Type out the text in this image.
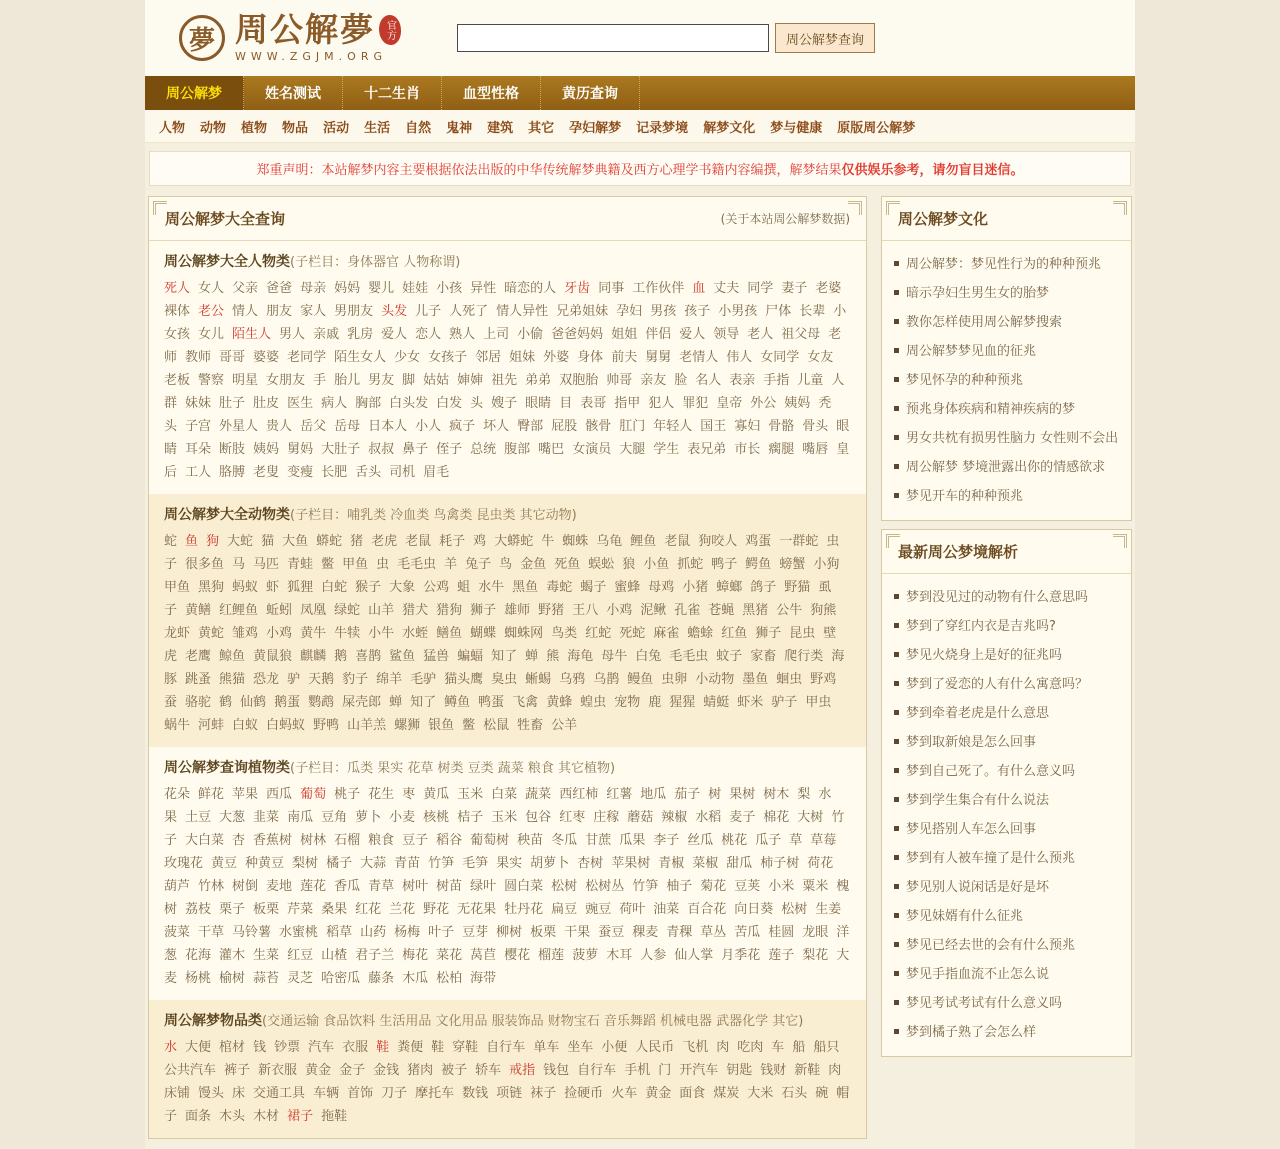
夢 周公解夢 官方
WWW.ZGJM.ORG
周公解梦查询
周公解梦	姓名测试	十二生肖	血型性格	黄历查询
人物 动物 植物 物品 活动 生活 自然 鬼神 建筑 其它 孕妇解梦 记录梦境 解梦文化 梦与健康 原版周公解梦
郑重声明：本站解梦内容主要根据依法出版的中华传统解梦典籍及西方心理学书籍内容编撰，解梦结果仅供娱乐参考，请勿盲目迷信。
周公解梦大全查询	(关于本站周公解梦数据)
周公解梦大全人物类(子栏目：身体器官 人物称谓)
死人 女人 父亲 爸爸 母亲 妈妈 婴儿 娃娃 小孩 异性 暗恋的人 牙齿 同事 工作伙伴 血 丈夫 同学 妻子 老婆裸体 老公 情人 朋友 家人 男朋友 头发 儿子 人死了 情人异性 兄弟姐妹 孕妇 男孩 孩子 小男孩 尸体 长辈 小女孩 女儿 陌生人 男人 亲戚 乳房 爱人 恋人 熟人 上司 小偷 爸爸妈妈 姐姐 伴侣 爱人 领导 老人 祖父母 老师 教师 哥哥 婆婆 老同学 陌生女人 少女 女孩子 邻居 姐妹 外婆 身体 前夫 舅舅 老情人 伟人 女同学 女友老板 警察 明星 女朋友 手 胎儿 男友 脚 姑姑 婶婶 祖先 弟弟 双胞胎 帅哥 亲友 脸 名人 表亲 手指 儿童 人群 妹妹 肚子 肚皮 医生 病人 胸部 白头发 白发 头 嫂子 眼睛 目 表哥 指甲 犯人 罪犯 皇帝 外公 姨妈 秃头 子宫 外星人 贵人 岳父 岳母 日本人 小人 疯子 坏人 臀部 屁股 骸骨 肛门 年轻人 国王 寡妇 骨骼 骨头 眼睛 耳朵 断肢 姨妈 舅妈 大肚子 叔叔 鼻子 侄子 总统 腹部 嘴巴 女演员 大腿 学生 表兄弟 市长 瘸腿 嘴唇 皇后 工人 胳膊 老叟 变瘦 长肥 舌头 司机 眉毛
周公解梦大全动物类(子栏目：哺乳类 冷血类 鸟禽类 昆虫类 其它动物)
蛇 鱼 狗 大蛇 猫 大鱼 蟒蛇 猪 老虎 老鼠 耗子 鸡 大蟒蛇 牛 蜘蛛 乌龟 鲤鱼 老鼠 狗咬人 鸡蛋 一群蛇 虫子 很多鱼 马 马匹 青蛙 鳖 甲鱼 虫 毛毛虫 羊 兔子 鸟 金鱼 死鱼 蜈蚣 狼 小鱼 抓蛇 鸭子 鳄鱼 螃蟹 小狗甲鱼 黑狗 蚂蚁 虾 狐狸 白蛇 猴子 大象 公鸡 蛆 水牛 黑鱼 毒蛇 蝎子 蜜蜂 母鸡 小猪 蟑螂 鸽子 野猫 虱子 黄鳝 红鲤鱼 蚯蚓 凤凰 绿蛇 山羊 猎犬 猎狗 狮子 雄师 野猪 王八 小鸡 泥鳅 孔雀 苍蝇 黑猪 公牛 狗熊龙虾 黄蛇 雏鸡 小鸡 黄牛 牛犊 小牛 水蛭 鳝鱼 蝴蝶 蜘蛛网 鸟类 红蛇 死蛇 麻雀 蟾蜍 红鱼 狮子 昆虫 壁虎 老鹰 鲸鱼 黄鼠狼 麒麟 鹅 喜鹊 鲨鱼 猛兽 蝙蝠 知了 蝉 熊 海龟 母牛 白兔 毛毛虫 蚊子 家畜 爬行类 海豚 跳蚤 熊猫 恐龙 驴 天鹅 豹子 绵羊 毛驴 猫头鹰 臭虫 蜥蜴 乌鸦 乌鹊 鳗鱼 虫卵 小动物 墨鱼 蛔虫 野鸡蚕 骆驼 鹤 仙鹤 鹅蛋 鹦鹉 屎壳郎 蝉 知了 鳟鱼 鸭蛋 飞禽 黄蜂 蝗虫 宠物 鹿 猩猩 蜻蜓 虾米 驴子 甲虫蜗牛 河蚌 白蚁 白蚂蚁 野鸭 山羊羔 螺狮 银鱼 鳖 松鼠 牲畜 公羊
周公解梦查询植物类(子栏目：瓜类 果实 花草 树类 豆类 蔬菜 粮食 其它植物)
花朵 鲜花 苹果 西瓜 葡萄 桃子 花生 枣 黄瓜 玉米 白菜 蔬菜 西红柿 红薯 地瓜 茄子 树 果树 树木 梨 水果 土豆 大葱 韭菜 南瓜 豆角 萝卜 小麦 核桃 桔子 玉米 包谷 红枣 庄稼 蘑菇 辣椒 水稻 麦子 棉花 大树 竹子 大白菜 杏 香蕉树 树林 石榴 粮食 豆子 稻谷 葡萄树 秧苗 冬瓜 甘蔗 瓜果 李子 丝瓜 桃花 瓜子 草 草莓玫瑰花 黄豆 种黄豆 梨树 橘子 大蒜 青苗 竹笋 毛笋 果实 胡萝卜 杏树 苹果树 青椒 菜椒 甜瓜 柿子树 荷花葫芦 竹林 树倒 麦地 莲花 香瓜 青草 树叶 树苗 绿叶 圆白菜 松树 松树丛 竹笋 柚子 菊花 豆荚 小米 粟米 槐树 荔枝 栗子 板栗 芹菜 桑果 红花 兰花 野花 无花果 牡丹花 扁豆 豌豆 荷叶 油菜 百合花 向日葵 松树 生姜菠菜 干草 马铃薯 水蜜桃 稻草 山药 杨梅 叶子 豆芽 柳树 板栗 干果 蚕豆 稞麦 青稞 草丛 苦瓜 桂圆 龙眼 洋葱 花海 灌木 生菜 红豆 山楂 君子兰 梅花 菜花 莴苣 樱花 榴莲 菠萝 木耳 人参 仙人掌 月季花 莲子 梨花 大麦 杨桃 榆树 蒜苔 灵芝 哈密瓜 藤条 木瓜 松柏 海带
周公解梦物品类(交通运输 食品饮料 生活用品 文化用品 服装饰品 财物宝石 音乐舞蹈 机械电器 武器化学 其它)
水 大便 棺材 钱 钞票 汽车 衣服 鞋 粪便 鞋 穿鞋 自行车 单车 坐车 小便 人民币 飞机 肉 吃肉 车 船 船只公共汽车 裤子 新衣服 黄金 金子 金钱 猪肉 被子 轿车 戒指 钱包 自行车 手机 门 开汽车 钥匙 钱财 新鞋 肉床铺 馒头 床 交通工具 车辆 首饰 刀子 摩托车 数钱 项链 袜子 捡硬币 火车 黄金 面食 煤炭 大米 石头 碗 帽子 面条 木头 木材 裙子 拖鞋
周公解梦文化
周公解梦：梦见性行为的种种预兆
暗示孕妇生男生女的胎梦
教你怎样使用周公解梦搜索
周公解梦梦见血的征兆
梦见怀孕的种种预兆
预兆身体疾病和精神疾病的梦
男女共枕有损男性脑力 女性则不会出
周公解梦 梦境泄露出你的情感欲求
梦见开车的种种预兆
最新周公梦境解析
梦到没见过的动物有什么意思吗
梦到了穿红内衣是吉兆吗?
梦见火烧身上是好的征兆吗
梦到了爱恋的人有什么寓意吗？
梦到牵着老虎是什么意思
梦到取新娘是怎么回事
梦到自己死了。有什么意义吗
梦到学生集合有什么说法
梦见搭别人车怎么回事
梦到有人被车撞了是什么预兆
梦见别人说闲话是好是坏
梦见妹婿有什么征兆
梦见已经去世的会有什么预兆
梦见手指血流不止怎么说
梦见考试考试有什么意义吗
梦到橘子熟了会怎么样
